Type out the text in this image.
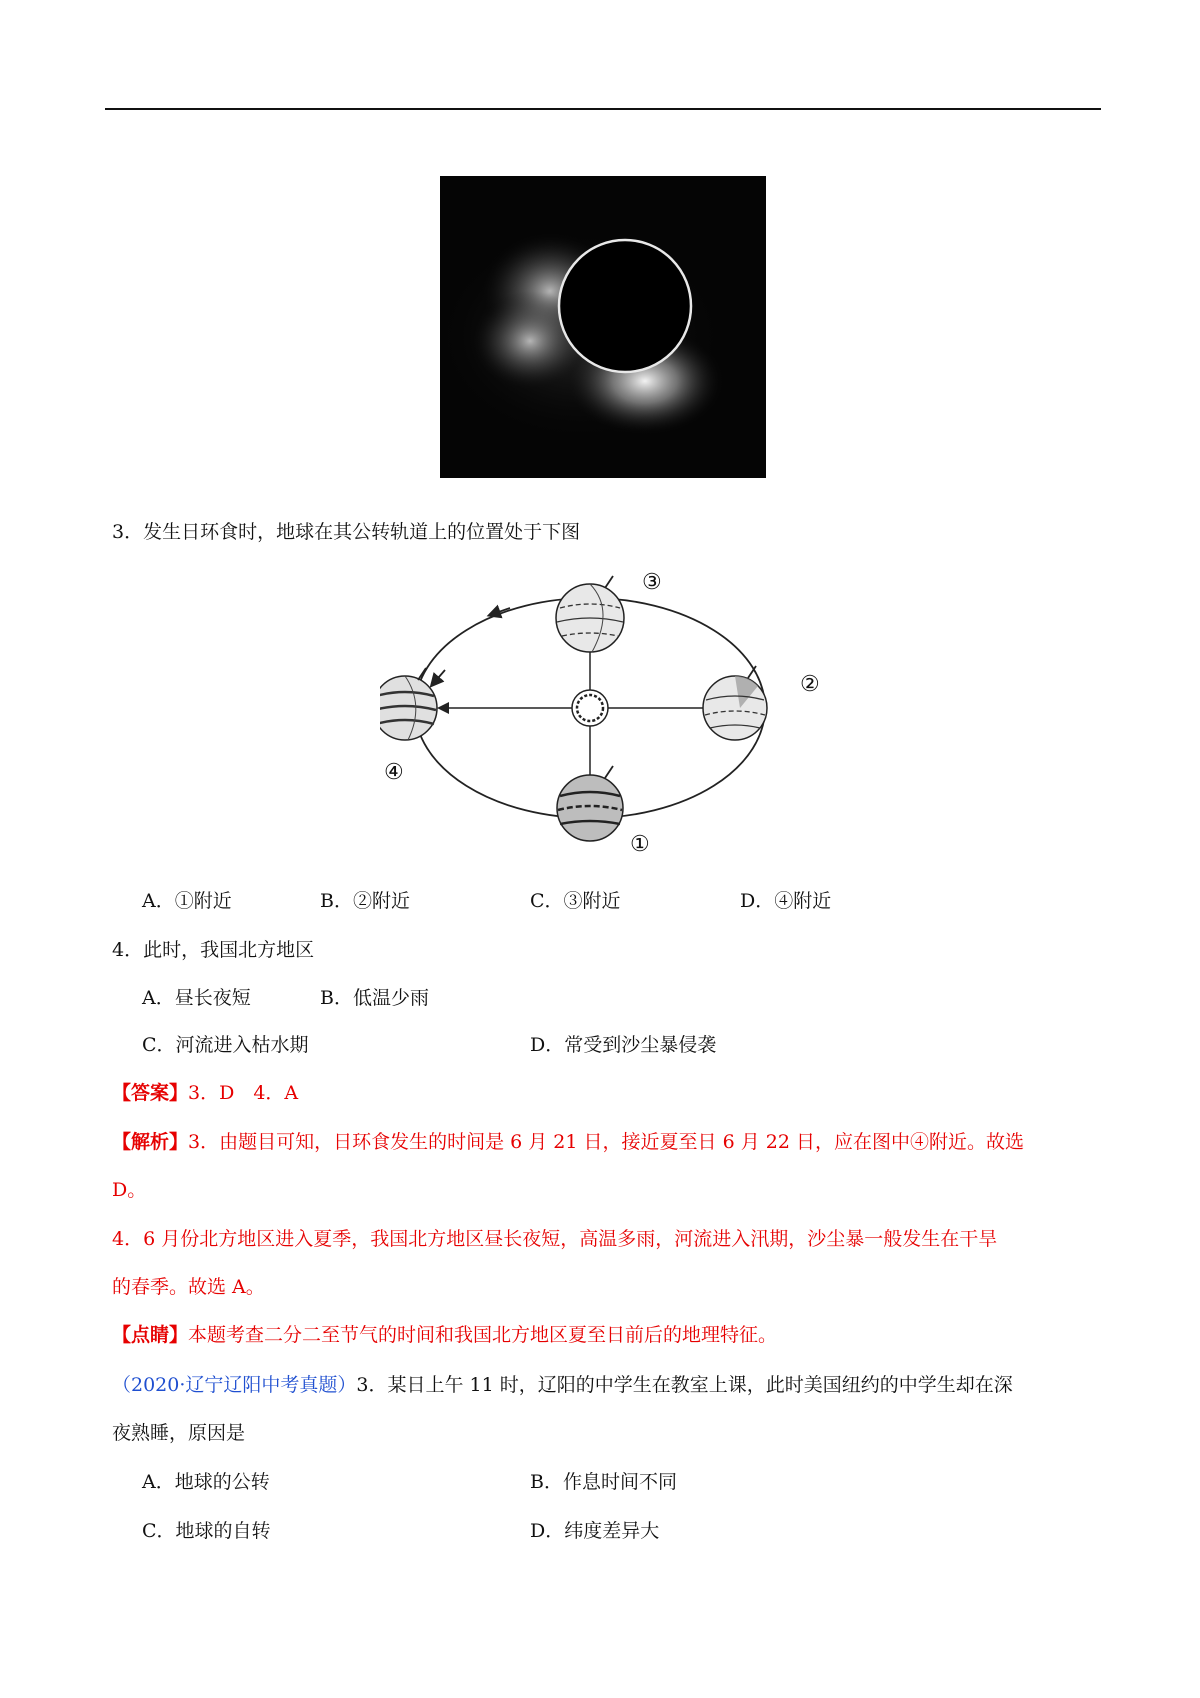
3．发生日环食时，地球在其公转轨道上的位置处于下图
③
②
④
①
A．①附近	B．②附近	C．③附近	D．④附近
4．此时，我国北方地区
A．昼长夜短	B．低温少雨
C．河流进入枯水期	D．常受到沙尘暴侵袭
【答案】3．D　4．A
【解析】3．由题目可知，日环食发生的时间是 6 月 21 日，接近夏至日 6 月 22 日，应在图中④附近。故选
D。
4．6 月份北方地区进入夏季，我国北方地区昼长夜短，高温多雨，河流进入汛期，沙尘暴一般发生在干旱
的春季。故选 A。
【点睛】本题考查二分二至节气的时间和我国北方地区夏至日前后的地理特征。
（2020·辽宁辽阳中考真题）3．某日上午 11 时，辽阳的中学生在教室上课，此时美国纽约的中学生却在深
夜熟睡，原因是
A．地球的公转	B．作息时间不同
C．地球的自转	D．纬度差异大
